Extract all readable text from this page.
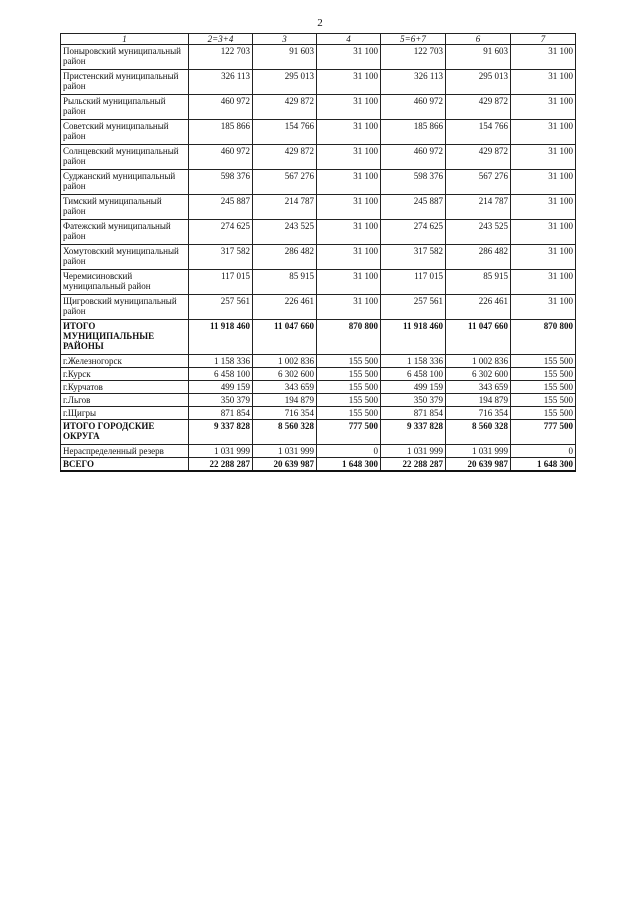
2
1	2=3+4	3	4	5=6+7	6	7
Поныровский муниципальный район	122 703	91 603	31 100	122 703	91 603	31 100
Пристенский муниципальный район	326 113	295 013	31 100	326 113	295 013	31 100
Рыльский муниципальный район	460 972	429 872	31 100	460 972	429 872	31 100
Советский муниципальный район	185 866	154 766	31 100	185 866	154 766	31 100
Солнцевский муниципальный район	460 972	429 872	31 100	460 972	429 872	31 100
Суджанский муниципальный район	598 376	567 276	31 100	598 376	567 276	31 100
Тимский муниципальный район	245 887	214 787	31 100	245 887	214 787	31 100
Фатежский муниципальный район	274 625	243 525	31 100	274 625	243 525	31 100
Хомутовский муниципальный район	317 582	286 482	31 100	317 582	286 482	31 100
Черемисиновский муниципальный район	117 015	85 915	31 100	117 015	85 915	31 100
Щигровский муниципальный район	257 561	226 461	31 100	257 561	226 461	31 100
ИТОГО МУНИЦИПАЛЬНЫЕ РАЙОНЫ	11 918 460	11 047 660	870 800	11 918 460	11 047 660	870 800
г.Железногорск	1 158 336	1 002 836	155 500	1 158 336	1 002 836	155 500
г.Курск	6 458 100	6 302 600	155 500	6 458 100	6 302 600	155 500
г.Курчатов	499 159	343 659	155 500	499 159	343 659	155 500
г.Льгов	350 379	194 879	155 500	350 379	194 879	155 500
г.Щигры	871 854	716 354	155 500	871 854	716 354	155 500
ИТОГО ГОРОДСКИЕ ОКРУГА	9 337 828	8 560 328	777 500	9 337 828	8 560 328	777 500
Нераспределенный резерв	1 031 999	1 031 999	0	1 031 999	1 031 999	0
ВСЕГО	22 288 287	20 639 987	1 648 300	22 288 287	20 639 987	1 648 300
